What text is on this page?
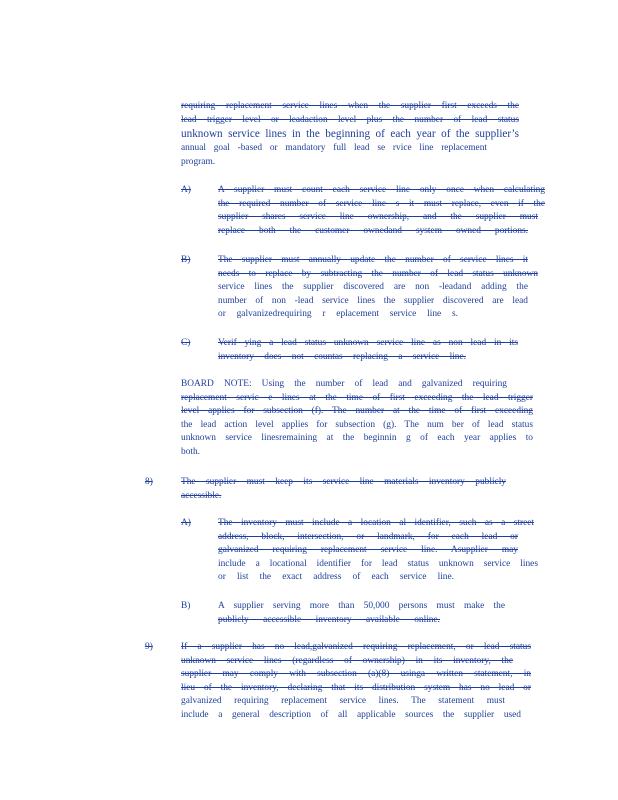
requiring replacement service lines when the supplier first exceeds the
lead trigger level or leadaction level plus the number of lead status
unknown service lines in the beginning of each year of the supplier’s
annual goal -based or mandatory full lead se rvice line replacement
program.
A)	A supplier must count each service line only once when calculating
the required number of service line s it must replace, even if the
supplier shares service line ownership, and the supplier must
replace both the customer ownedand system owned portions.
B)	The supplier must annually update the number of service lines it
needs to replace by subtracting the number of lead status unknown
service lines the supplier discovered are non -leadand adding the
number of non -lead service lines the supplier discovered are lead
or galvanizedrequiring r eplacement service line s.
C)	Verif ying a lead status unknown service line as non lead in its
inventory does not countas replacing a service line.
BOARD NOTE: Using the number of lead and galvanized requiring
replacement servic e lines at the time of first exceeding the lead trigger
level applies for subsection (f). The number at the time of first exceeding
the lead action level applies for subsection (g). The num ber of lead status
unknown service linesremaining at the beginnin g of each year applies to
both.
8)	The supplier must keep its service line materials inventory publicly
accessible.
A)	The inventory must include a location al identifier, such as a street
address, block, intersection, or landmark, for each lead or
galvanized requiring replacement service line. Asupplier may
include a locational identifier for lead status unknown service lines
or list the exact address of each service line.
B)	A supplier serving more than 50,000 persons must make the
publicly accessible inventory available online.
9)	If a supplier has no lead,galvanized requiring replacement, or lead status
unknown service lines (regardless of ownership) in its inventory, the
supplier may comply with subsection (a)(8) usinga written statement, in
lieu of the inventory, declaring that its distribution system has no lead or
galvanized requiring replacement service lines. The statement must
include a general description of all applicable sources the supplier used
